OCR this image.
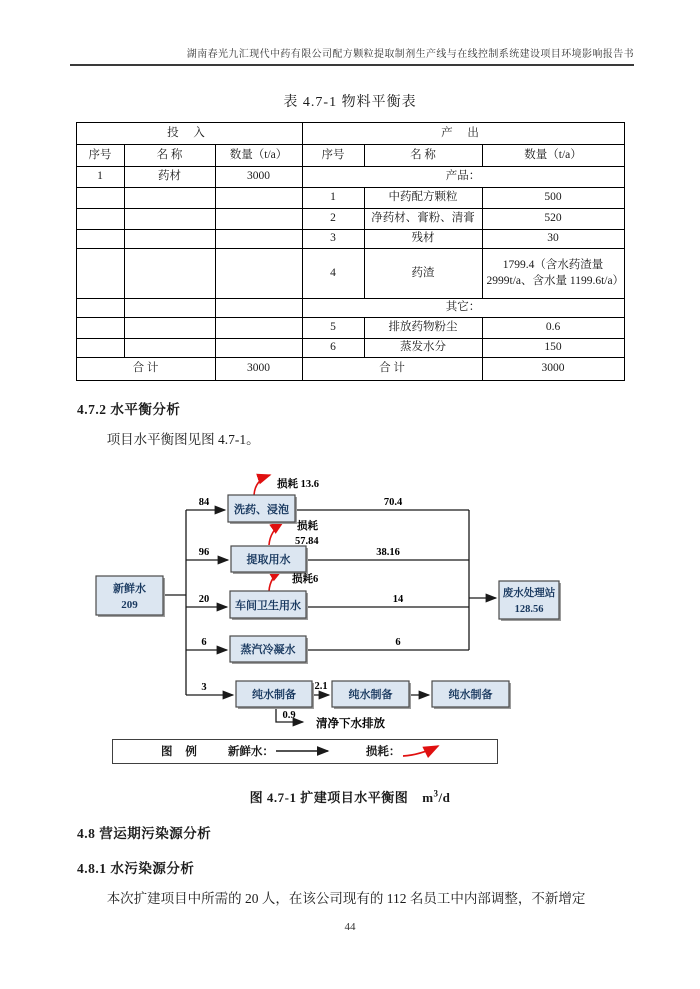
湖南春光九汇现代中药有限公司配方颗粒提取制剂生产线与在线控制系统建设项目环境影响报告书
表 4.7-1 物料平衡表
投 入			产 出		
序号	名 称	数量（t/a）	序号	名 称	数量（t/a）
1	药材	3000	产品：		
			1	中药配方颗粒	500
			2	净药材、膏粉、清膏	520
			3	残材	30
			4	药渣	1799.4（含水药渣量 2999t/a、含水量 1199.6t/a）
			其它：		
			5	排放药物粉尘	0.6
			6	蒸发水分	150
合 计		3000	合 计		3000
4.7.2 水平衡分析
项目水平衡图见图 4.7-1。
新鲜水
209
洗药、浸泡
提取用水
车间卫生用水
蒸汽冷凝水
纯水制备	纯水制备	纯水制备
废水处理站
128.56
84
96
20
6
3
70.4
38.16
14
6
2.1
0.9
清净下水排放
损耗 13.6
损耗
57.84
损耗6
图 例 新鲜水：	损耗：
图 4.7-1 扩建项目水平衡图 $m^3/d$
4.8 营运期污染源分析
4.8.1 水污染源分析
本次扩建项目中所需的 20 人，在该公司现有的 112 名员工中内部调整，不新增定
44
